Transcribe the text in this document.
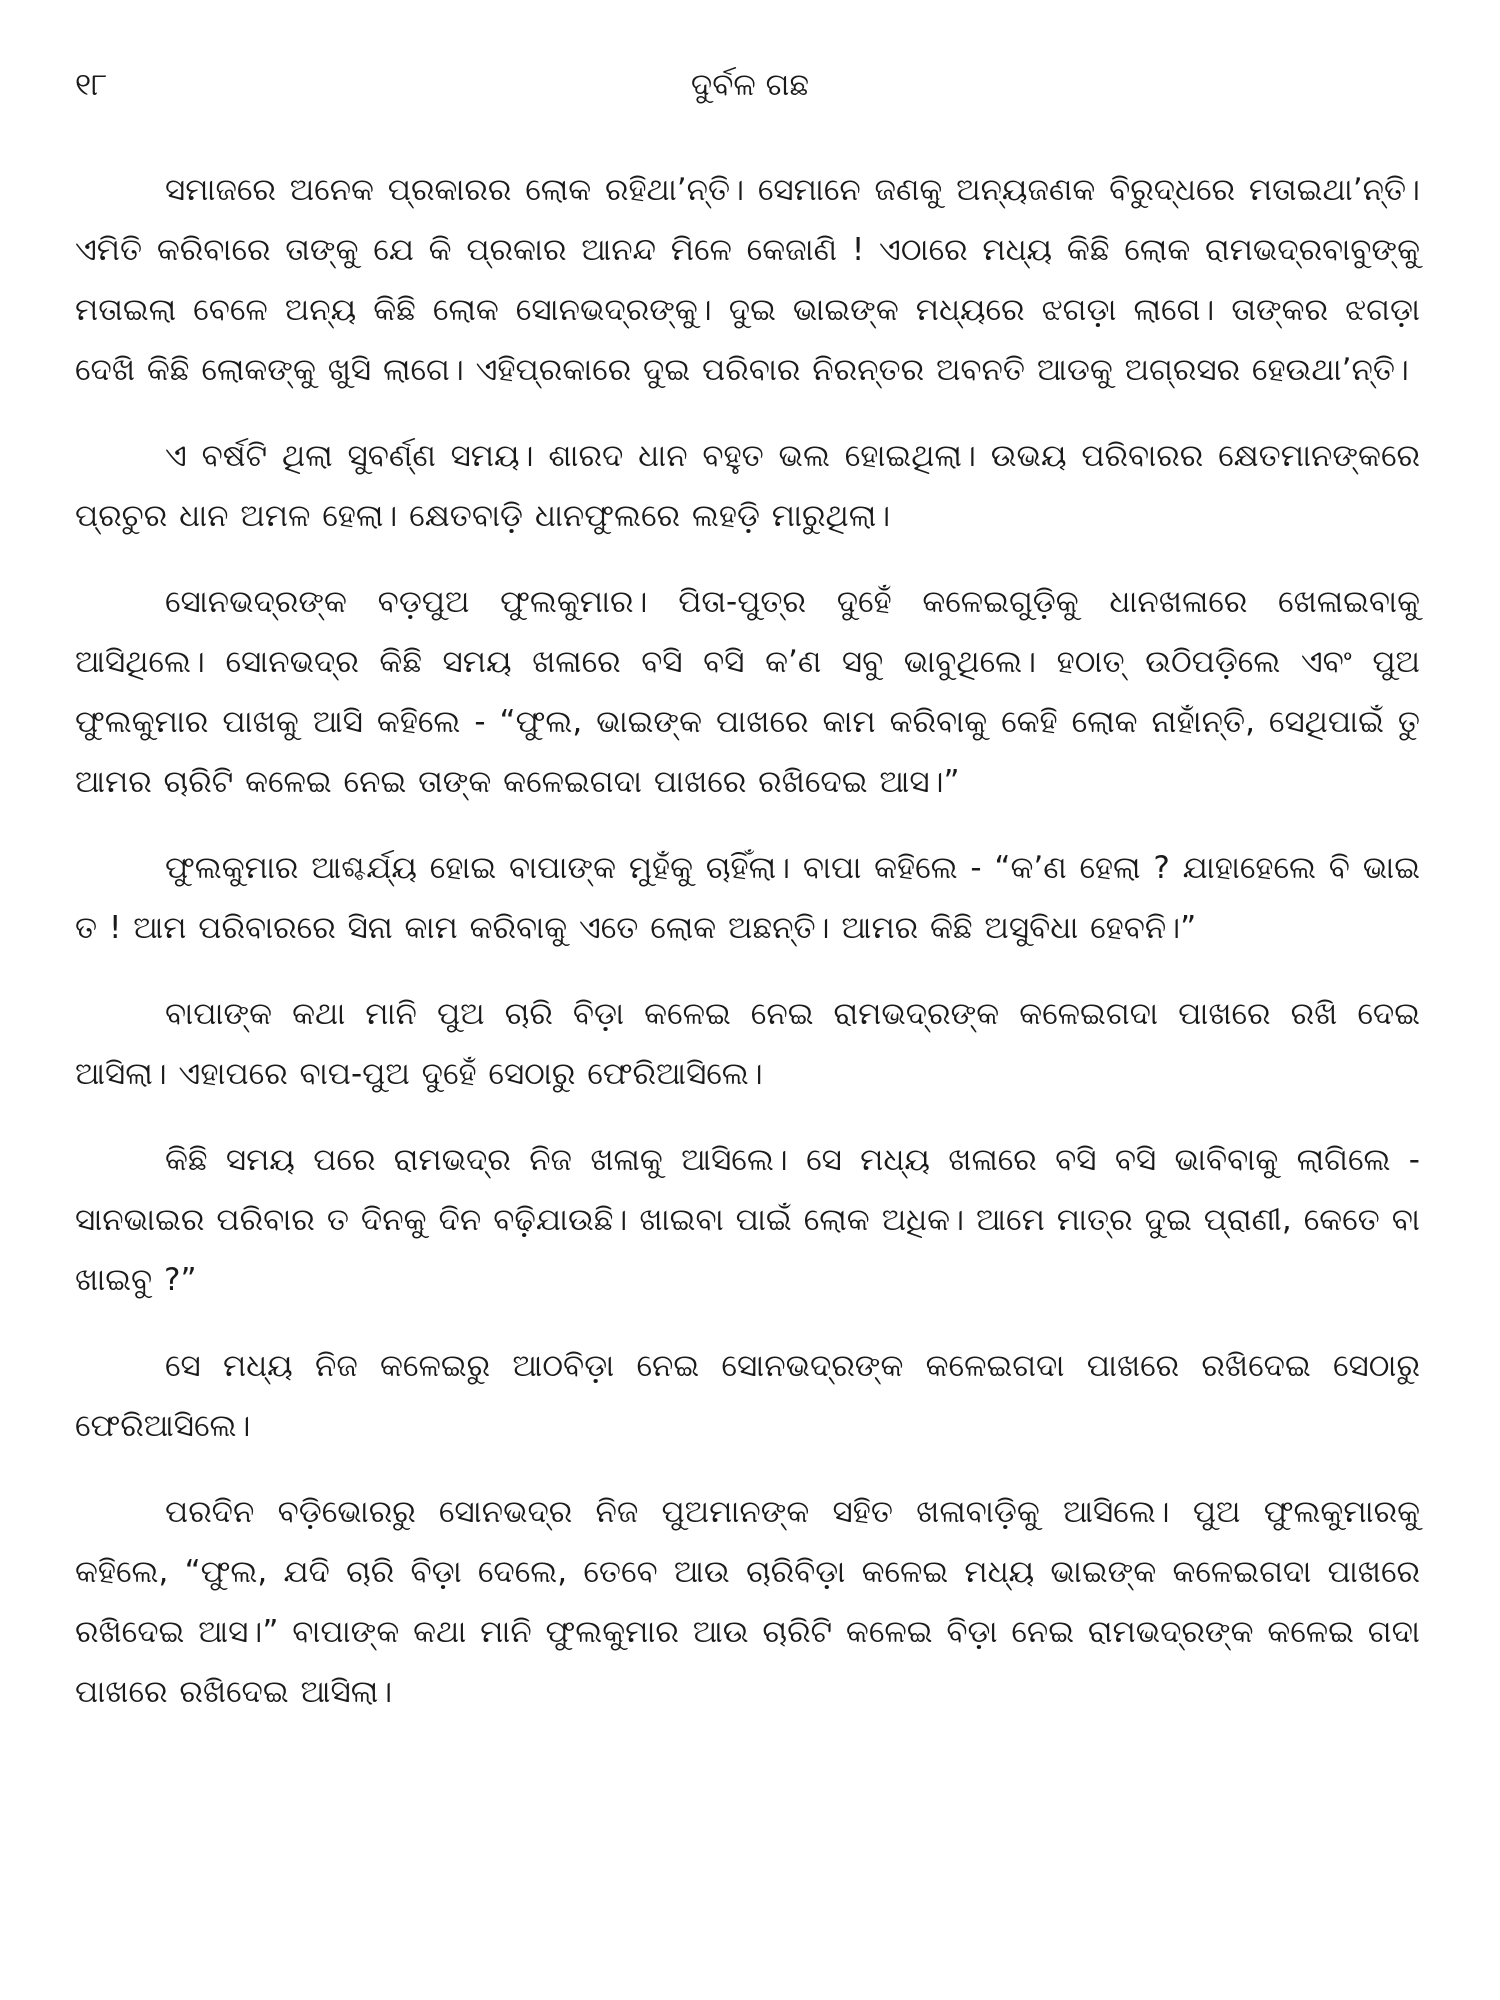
୧୮	ଦୁର୍ବଳ ଗଛ

ସମାଜରେ ଅନେକ ପ୍ରକାରର ଲୋକ ରହିଥା’ନ୍ତି। ସେମାନେ ଜଣକୁ ଅନ୍ୟଜଣକ ବିରୁଦ୍ଧରେ ମତାଇଥା’ନ୍ତି। ଏମିତି କରିବାରେ ତାଙ୍କୁ ଯେ କି ପ୍ରକାର ଆନନ୍ଦ ମିଳେ କେଜାଣି ! ଏଠାରେ ମଧ୍ୟ କିଛି ଲୋକ ରାମଭଦ୍ରବାବୁଙ୍କୁ ମତାଇଲା ବେଳେ ଅନ୍ୟ କିଛି ଲୋକ ସୋନଭଦ୍ରଙ୍କୁ। ଦୁଇ ଭାଇଙ୍କ ମଧ୍ୟରେ ଝଗଡ଼ା ଲାଗେ। ତାଙ୍କର ଝଗଡ଼ା ଦେଖି କିଛି ଲୋକଙ୍କୁ ଖୁସି ଲାଗେ। ଏହିପ୍ରକାରେ ଦୁଇ ପରିବାର ନିରନ୍ତର ଅବନତି ଆଡକୁ ଅଗ୍ରସର ହେଉଥା’ନ୍ତି।

ଏ ବର୍ଷଟି ଥିଲା ସୁବର୍ଣ୍ଣ ସମୟ। ଶାରଦ ଧାନ ବହୁତ ଭଲ ହୋଇଥିଲା। ଉଭୟ ପରିବାରର କ୍ଷେତମାନଙ୍କରେ ପ୍ରଚୁର ଧାନ ଅମଳ ହେଲା। କ୍ଷେତବାଡ଼ି ଧାନଫୁଲରେ ଲହଡ଼ି ମାରୁଥିଲା।

ସୋନଭଦ୍ରଙ୍କ ବଡ଼ପୁଅ ଫୁଲକୁମାର। ପିତା-ପୁତ୍ର ଦୁହେଁ କଳେଇଗୁଡ଼ିକୁ ଧାନଖଳାରେ ଖେଳାଇବାକୁ ଆସିଥିଲେ। ସୋନଭଦ୍ର କିଛି ସମୟ ଖଳାରେ ବସି ବସି କ’ଣ ସବୁ ଭାବୁଥିଲେ। ହଠାତ୍ ଉଠିପଡ଼ିଲେ ଏବଂ ପୁଅ ଫୁଲକୁମାର ପାଖକୁ ଆସି କହିଲେ - “ଫୁଲ, ଭାଇଙ୍କ ପାଖରେ କାମ କରିବାକୁ କେହି ଲୋକ ନାହାଁନ୍ତି, ସେଥିପାଇଁ ତୁ ଆମର ଚାରିଟି କଳେଇ ନେଇ ତାଙ୍କ କଳେଇଗଦା ପାଖରେ ରଖିଦେଇ ଆସ।”

ଫୁଲକୁମାର ଆଶ୍ଚର୍ଯ୍ୟ ହୋଇ ବାପାଙ୍କ ମୁହଁକୁ ଚାହିଁଲା। ବାପା କହିଲେ - “କ’ଣ ହେଲା ? ଯାହାହେଲେ ବି ଭାଇ ତ ! ଆମ ପରିବାରରେ ସିନା କାମ କରିବାକୁ ଏତେ ଲୋକ ଅଛନ୍ତି। ଆମର କିଛି ଅସୁବିଧା ହେବନି।”

ବାପାଙ୍କ କଥା ମାନି ପୁଅ ଚାରି ବିଡ଼ା କଳେଇ ନେଇ ରାମଭଦ୍ରଙ୍କ କଳେଇଗଦା ପାଖରେ ରଖି ଦେଇ ଆସିଲା। ଏହାପରେ ବାପ-ପୁଅ ଦୁହେଁ ସେଠାରୁ ଫେରିଆସିଲେ।

କିଛି ସମୟ ପରେ ରାମଭଦ୍ର ନିଜ ଖଳାକୁ ଆସିଲେ। ସେ ମଧ୍ୟ ଖଳାରେ ବସି ବସି ଭାବିବାକୁ ଲାଗିଲେ - ସାନଭାଇର ପରିବାର ତ ଦିନକୁ ଦିନ ବଢ଼ିଯାଉଛି। ଖାଇବା ପାଇଁ ଲୋକ ଅଧିକ। ଆମେ ମାତ୍ର ଦୁଇ ପ୍ରାଣୀ, କେତେ ବା ଖାଇବୁ ?”

ସେ ମଧ୍ୟ ନିଜ କଳେଇରୁ ଆଠବିଡ଼ା ନେଇ ସୋନଭଦ୍ରଙ୍କ କଳେଇଗଦା ପାଖରେ ରଖିଦେଇ ସେଠାରୁ ଫେରିଆସିଲେ।

ପରଦିନ ବଡ଼ିଭୋରରୁ ସୋନଭଦ୍ର ନିଜ ପୁଅମାନଙ୍କ ସହିତ ଖଳାବାଡ଼ିକୁ ଆସିଲେ। ପୁଅ ଫୁଲକୁମାରକୁ କହିଲେ, “ଫୁଲ, ଯଦି ଚାରି ବିଡ଼ା ଦେଲେ, ତେବେ ଆଉ ଚାରିବିଡ଼ା କଳେଇ ମଧ୍ୟ ଭାଇଙ୍କ କଳେଇଗଦା ପାଖରେ ରଖିଦେଇ ଆସ।” ବାପାଙ୍କ କଥା ମାନି ଫୁଲକୁମାର ଆଉ ଚାରିଟି କଳେଇ ବିଡ଼ା ନେଇ ରାମଭଦ୍ରଙ୍କ କଳେଇ ଗଦା ପାଖରେ ରଖିଦେଇ ଆସିଲା।
